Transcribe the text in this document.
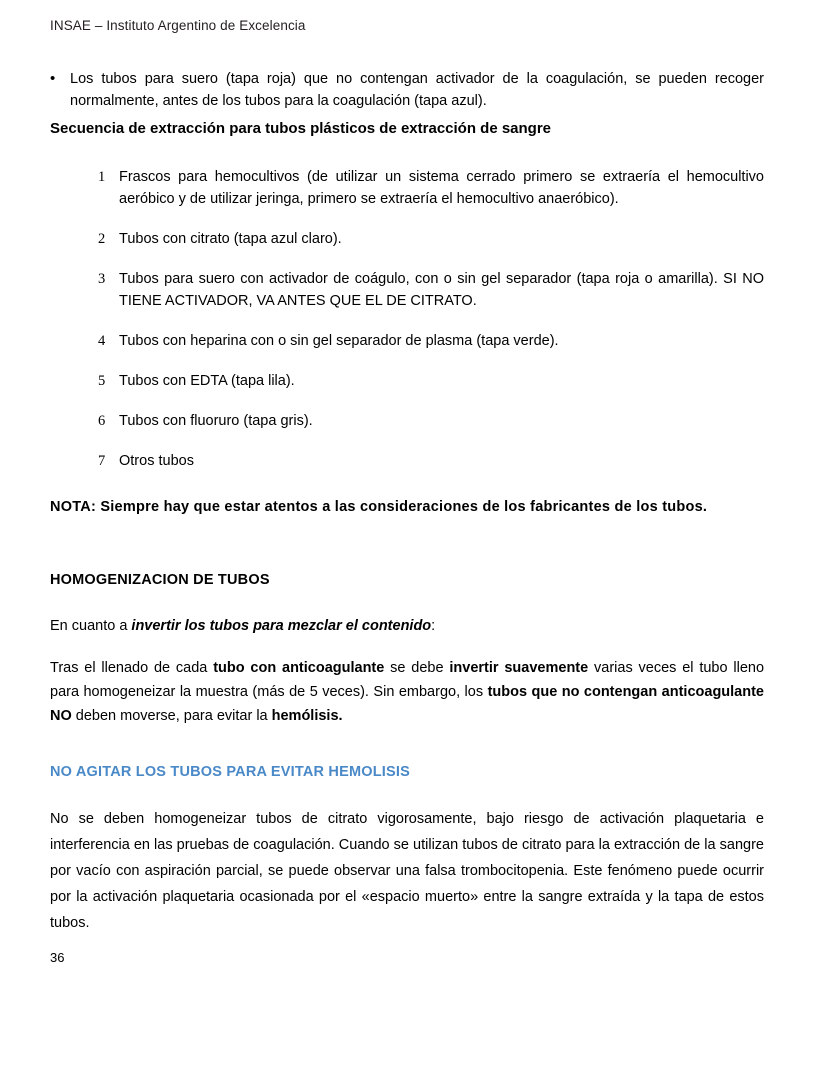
INSAE – Instituto Argentino de Excelencia
•	Los tubos para suero (tapa roja) que no contengan activador de la coagulación, se pueden recoger normalmente, antes de los tubos para la coagulación (tapa azul).
Secuencia de extracción para tubos plásticos de extracción de sangre
1 Frascos para hemocultivos (de utilizar un sistema cerrado primero se extraería el hemocultivo aeróbico y de utilizar jeringa, primero se extraería el hemocultivo anaeróbico).
2 Tubos con citrato (tapa azul claro).
3 Tubos para suero con activador de coágulo, con o sin gel separador (tapa roja o amarilla). SI NO TIENE ACTIVADOR, VA ANTES QUE EL DE CITRATO.
4 Tubos con heparina con o sin gel separador de plasma (tapa verde).
5 Tubos con EDTA (tapa lila).
6 Tubos con fluoruro (tapa gris).
7 Otros tubos
NOTA: Siempre hay que estar atentos a las consideraciones de los fabricantes de los tubos.
HOMOGENIZACION DE TUBOS
En cuanto a invertir los tubos para mezclar el contenido:
Tras el llenado de cada tubo con anticoagulante se debe invertir suavemente varias veces el tubo lleno para homogeneizar la muestra (más de 5 veces). Sin embargo, los tubos que no contengan anticoagulante NO deben moverse, para evitar la hemólisis.
NO AGITAR LOS TUBOS PARA EVITAR HEMOLISIS
No se deben homogeneizar tubos de citrato vigorosamente, bajo riesgo de activación plaquetaria e interferencia en las pruebas de coagulación. Cuando se utilizan tubos de citrato para la extracción de la sangre por vacío con aspiración parcial, se puede observar una falsa trombocitopenia. Este fenómeno puede ocurrir por la activación plaquetaria ocasionada por el «espacio muerto» entre la sangre extraída y la tapa de estos tubos.
36
